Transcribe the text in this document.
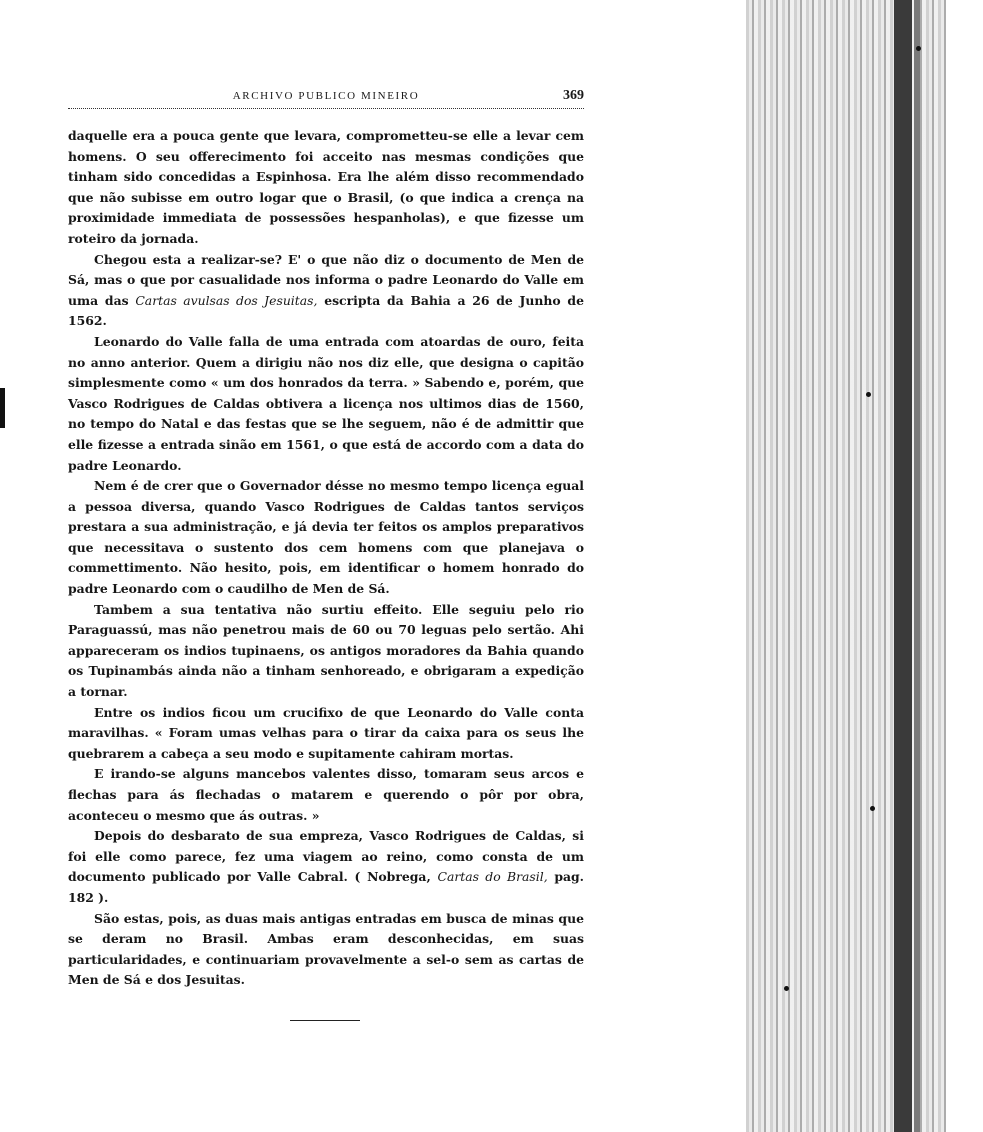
ARCHIVO PUBLICO MINEIRO	369

daquelle era a pouca gente que levara, comprometteu-se elle a levar cem homens. O seu offerecimento foi acceito nas mesmas condições que tinham sido concedidas a Espinhosa. Era lhe além disso recommendado que não subisse em outro logar que o Brasil, (o que indica a crença na proximidade immediata de possessões hespanholas), e que fizesse um roteiro da jornada.

Chegou esta a realizar-se? E' o que não diz o documento de Men de Sá, mas o que por casualidade nos informa o padre Leonardo do Valle em uma das Cartas avulsas dos Jesuitas, escripta da Bahia a 26 de Junho de 1562.

Leonardo do Valle falla de uma entrada com atoardas de ouro, feita no anno anterior. Quem a dirigiu não nos diz elle, que designa o capitão simplesmente como « um dos honrados da terra. » Sabendo e, porém, que Vasco Rodrigues de Caldas obtivera a licença nos ultimos dias de 1560, no tempo do Natal e das festas que se lhe seguem, não é de admittir que elle fizesse a entrada sinão em 1561, o que está de accordo com a data do padre Leonardo.

Nem é de crer que o Governador désse no mesmo tempo licença egual a pessoa diversa, quando Vasco Rodrigues de Caldas tantos serviços prestara a sua administração, e já devia ter feitos os amplos preparativos que necessitava o sustento dos cem homens com que planejava o commettimento. Não hesito, pois, em identificar o homem honrado do padre Leonardo com o caudilho de Men de Sá.

Tambem a sua tentativa não surtiu effeito. Elle seguiu pelo rio Paraguassú, mas não penetrou mais de 60 ou 70 leguas pelo sertão. Ahi appareceram os indios tupinaens, os antigos moradores da Bahia quando os Tupinambás ainda não a tinham senhoreado, e obrigaram a expedição a tornar.

Entre os indios ficou um crucifixo de que Leonardo do Valle conta maravilhas. « Foram umas velhas para o tirar da caixa para os seus lhe quebrarem a cabeça a seu modo e supitamente cahiram mortas.

E irando-se alguns mancebos valentes disso, tomaram seus arcos e flechas para ás flechadas o matarem e querendo o pôr por obra, aconteceu o mesmo que ás outras. »

Depois do desbarato de sua empreza, Vasco Rodrigues de Caldas, si foi elle como parece, fez uma viagem ao reino, como consta de um documento publicado por Valle Cabral. ( Nobrega, Cartas do Brasil, pag. 182 ).

São estas, pois, as duas mais antigas entradas em busca de minas que se deram no Brasil. Ambas eram desconhecidas, em suas particularidades, e continuariam provavelmente a sel-o sem as cartas de Men de Sá e dos Jesuitas.
